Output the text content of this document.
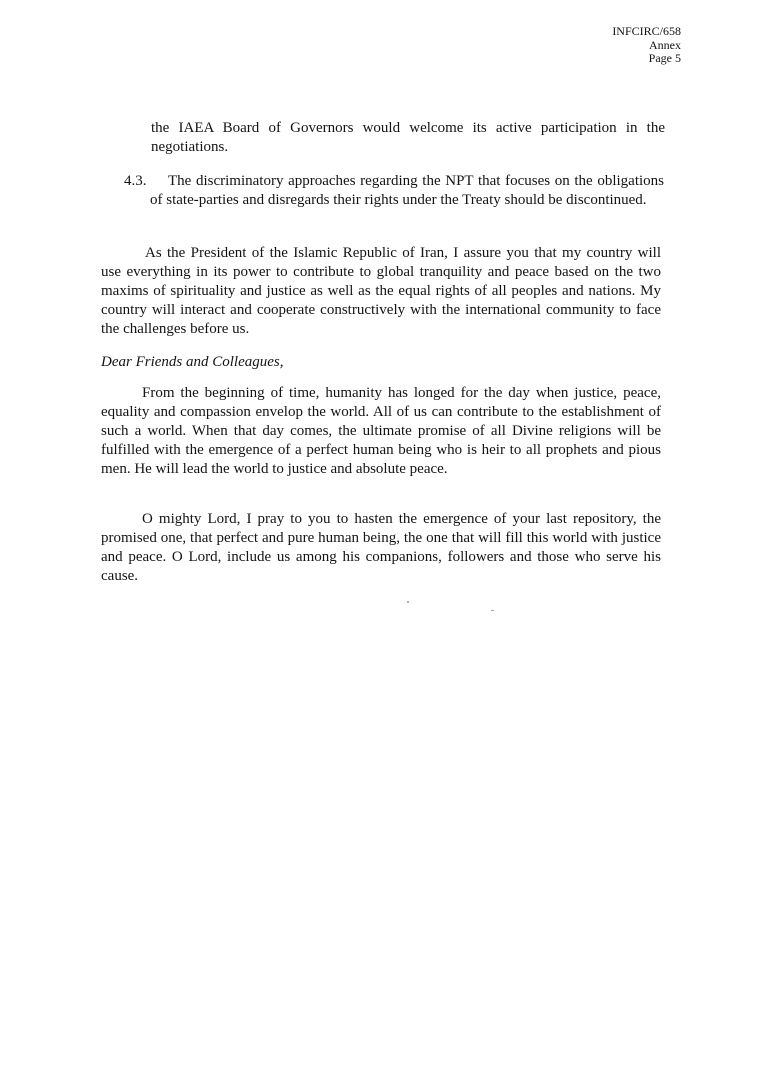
INFCIRC/658
Annex
Page 5
the IAEA Board of Governors would welcome its active participation in the negotiations.
4.3.	The discriminatory approaches regarding the NPT that focuses on the obligations of state-parties and disregards their rights under the Treaty should be discontinued.
As the President of the Islamic Republic of Iran, I assure you that my country will use everything in its power to contribute to global tranquility and peace based on the two maxims of spirituality and justice as well as the equal rights of all peoples and nations. My country will interact and cooperate constructively with the international community to face the challenges before us.
Dear Friends and Colleagues,
From the beginning of time, humanity has longed for the day when justice, peace, equality and compassion envelop the world. All of us can contribute to the establishment of such a world. When that day comes, the ultimate promise of all Divine religions will be fulfilled with the emergence of a perfect human being who is heir to all prophets and pious men. He will lead the world to justice and absolute peace.
O mighty Lord, I pray to you to hasten the emergence of your last repository, the promised one, that perfect and pure human being, the one that will fill this world with justice and peace. O Lord, include us among his companions, followers and those who serve his cause.
